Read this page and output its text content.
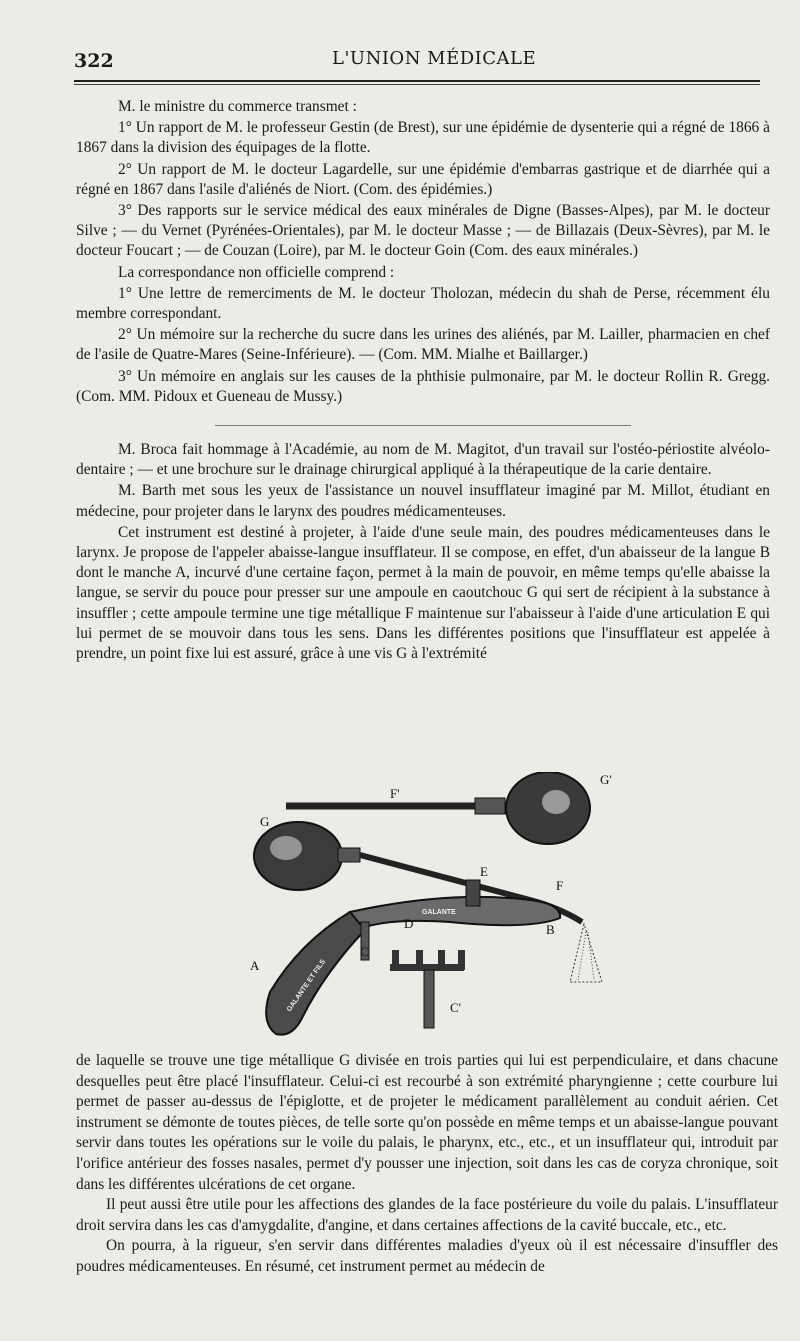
322	L'UNION MÉDICALE

M. le ministre du commerce transmet :

1° Un rapport de M. le professeur Gestin (de Brest), sur une épidémie de dysenterie qui a régné de 1866 à 1867 dans la division des équipages de la flotte.

2° Un rapport de M. le docteur Lagardelle, sur une épidémie d'embarras gastrique et de diarrhée qui a régné en 1867 dans l'asile d'aliénés de Niort. (Com. des épidémies.)

3° Des rapports sur le service médical des eaux minérales de Digne (Basses-Alpes), par M. le docteur Silve ; — du Vernet (Pyrénées-Orientales), par M. le docteur Masse ; — de Billazais (Deux-Sèvres), par M. le docteur Foucart ; — de Couzan (Loire), par M. le docteur Goin (Com. des eaux minérales.)

La correspondance non officielle comprend :

1° Une lettre de remerciments de M. le docteur Tholozan, médecin du shah de Perse, récemment élu membre correspondant.

2° Un mémoire sur la recherche du sucre dans les urines des aliénés, par M. Lailler, pharmacien en chef de l'asile de Quatre-Mares (Seine-Inférieure). — (Com. MM. Mialhe et Baillarger.)

3° Un mémoire en anglais sur les causes de la phthisie pulmonaire, par M. le docteur Rollin R. Gregg. (Com. MM. Pidoux et Gueneau de Mussy.)

M. Broca fait hommage à l'Académie, au nom de M. Magitot, d'un travail sur l'ostéo-périostite alvéolo-dentaire ; — et une brochure sur le drainage chirurgical appliqué à la thérapeutique de la carie dentaire.

M. Barth met sous les yeux de l'assistance un nouvel insufflateur imaginé par M. Millot, étudiant en médecine, pour projeter dans le larynx des poudres médicamenteuses.

Cet instrument est destiné à projeter, à l'aide d'une seule main, des poudres médicamenteuses dans le larynx. Je propose de l'appeler abaisse-langue insufflateur. Il se compose, en effet, d'un abaisseur de la langue B dont le manche A, incurvé d'une certaine façon, permet à la main de pouvoir, en même temps qu'elle abaisse la langue, se servir du pouce pour presser sur une ampoule en caoutchouc G qui sert de récipient à la substance à insuffler ; cette ampoule termine une tige métallique F maintenue sur l'abaisseur à l'aide d'une articulation E qui lui permet de se mouvoir dans tous les sens. Dans les différentes positions que l'insufflateur est appelée à prendre, un point fixe lui est assuré, grâce à une vis G à l'extrémité

GALANTE
GALANTE ET FILS
F'
G'
G
E
F
B
D
C
A
C'

de laquelle se trouve une tige métallique G divisée en trois parties qui lui est perpendiculaire, et dans chacune desquelles peut être placé l'insufflateur. Celui-ci est recourbé à son extrémité pharyngienne ; cette courbure lui permet de passer au-dessus de l'épiglotte, et de projeter le médicament parallèlement au conduit aérien. Cet instrument se démonte de toutes pièces, de telle sorte qu'on possède en même temps et un abaisse-langue pouvant servir dans toutes les opérations sur le voile du palais, le pharynx, etc., etc., et un insufflateur qui, introduit par l'orifice antérieur des fosses nasales, permet d'y pousser une injection, soit dans les cas de coryza chronique, soit dans les différentes ulcérations de cet organe.

Il peut aussi être utile pour les affections des glandes de la face postérieure du voile du palais. L'insufflateur droit servira dans les cas d'amygdalite, d'angine, et dans certaines affections de la cavité buccale, etc., etc.

On pourra, à la rigueur, s'en servir dans différentes maladies d'yeux où il est nécessaire d'insuffler des poudres médicamenteuses. En résumé, cet instrument permet au médecin de
